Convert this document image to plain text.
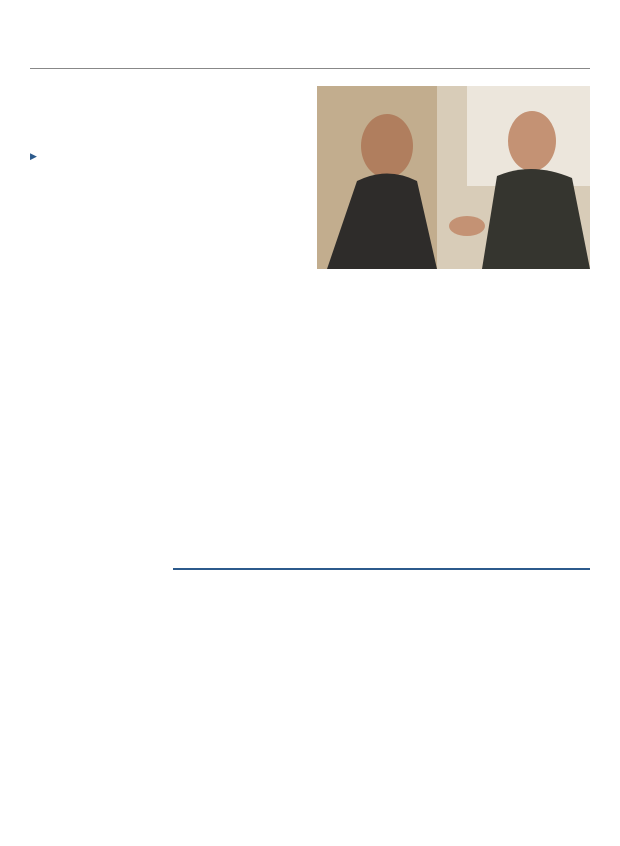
▶
